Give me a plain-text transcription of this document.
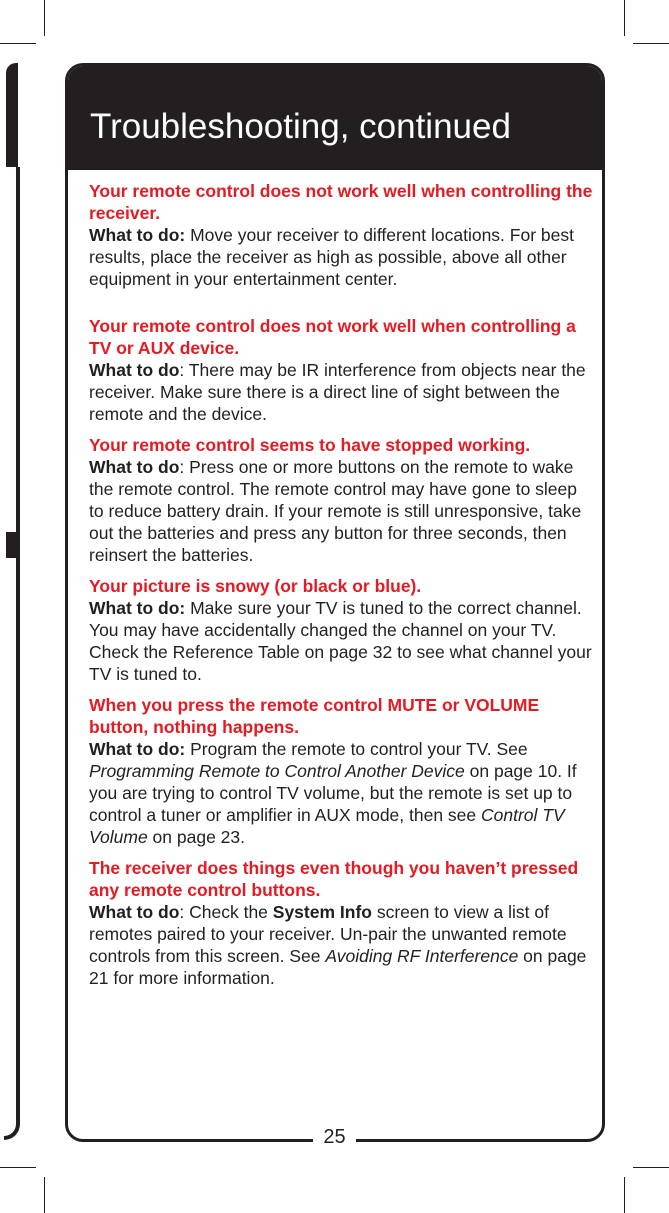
Troubleshooting, continued
Your remote control does not work well when controlling the receiver.
What to do: Move your receiver to different locations. For best results, place the receiver as high as possible, above all other equipment in your entertainment center.
Your remote control does not work well when controlling a TV or AUX device.
What to do: There may be IR interference from objects near the receiver. Make sure there is a direct line of sight between the remote and the device.
Your remote control seems to have stopped working.
What to do: Press one or more buttons on the remote to wake the remote control. The remote control may have gone to sleep to reduce battery drain. If your remote is still unresponsive, take out the batteries and press any button for three seconds, then reinsert the batteries.
Your picture is snowy (or black or blue).
What to do: Make sure your TV is tuned to the correct channel. You may have accidentally changed the channel on your TV. Check the Reference Table on page 32 to see what channel your TV is tuned to.
When you press the remote control MUTE or VOLUME button, nothing happens.
What to do: Program the remote to control your TV. See Programming Remote to Control Another Device on page 10. If you are trying to control TV volume, but the remote is set up to control a tuner or amplifier in AUX mode, then see Control TV Volume on page 23.
The receiver does things even though you haven’t pressed any remote control buttons.
What to do: Check the System Info screen to view a list of remotes paired to your receiver. Un-pair the unwanted remote controls from this screen. See Avoiding RF Interference on page 21 for more information.
25
